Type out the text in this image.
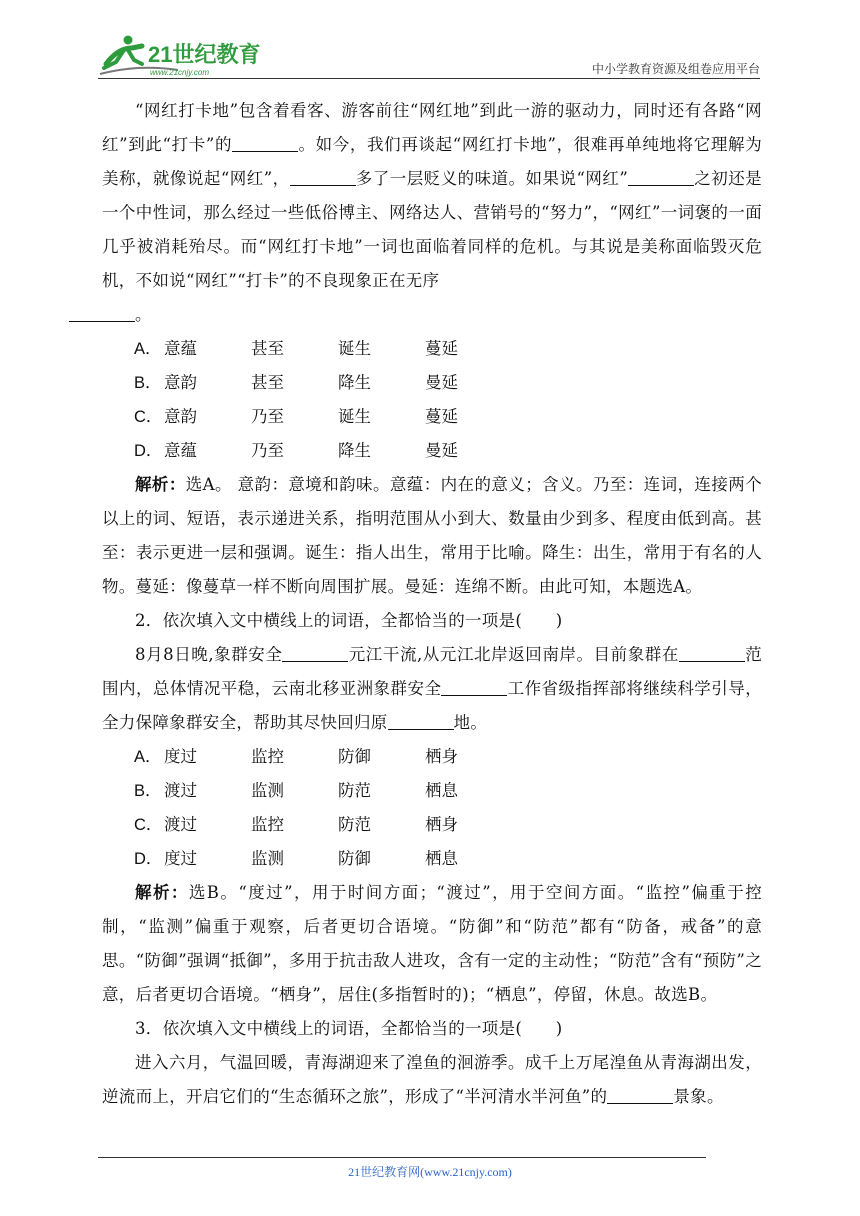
21世纪教育
www.21cnjy.com	中小学教育资源及组卷应用平台

“网红打卡地”包含着看客、游客前往“网红地”到此一游的驱动力，同时还有各路“网红”到此“打卡”的	。如今，我们再谈起“网红打卡地”，很难再单纯地将它理解为美称，就像说起“网红”，	多了一层贬义的味道。如果说“网红”	之初还是一个中性词，那么经过一些低俗博主、网络达人、营销号的“努力”，“网红”一词褒的一面几乎被消耗殆尽。而“网红打卡地”一词也面临着同样的危机。与其说是美称面临毁灭危机，不如说“网红”“打卡”的不良现象正在无序
。

A． 意蕴	甚至	诞生	蔓延
B． 意韵	甚至	降生	曼延
C． 意韵	乃至	诞生	蔓延
D． 意蕴	乃至	降生	曼延

解析：选A。 意韵：意境和韵味。意蕴：内在的意义；含义。乃至：连词，连接两个以上的词、短语，表示递进关系，指明范围从小到大、数量由少到多、程度由低到高。甚至：表示更进一层和强调。诞生：指人出生，常用于比喻。降生：出生，常用于有名的人物。蔓延：像蔓草一样不断向周围扩展。曼延：连绵不断。由此可知，本题选A。

2．依次填入文中横线上的词语，全都恰当的一项是(　　)

8月8日晚,象群安全	元江干流,从元江北岸返回南岸。目前象群在	范围内，总体情况平稳，云南北移亚洲象群安全	工作省级指挥部将继续科学引导，全力保障象群安全，帮助其尽快回归原	地。

A． 度过	监控	防御	栖身
B． 渡过	监测	防范	栖息
C． 渡过	监控	防范	栖身
D． 度过	监测	防御	栖息

解析：选B。“度过”，用于时间方面；“渡过”，用于空间方面。“监控”偏重于控制，“监测”偏重于观察，后者更切合语境。“防御”和“防范”都有“防备，戒备”的意思。“防御”强调“抵御”，多用于抗击敌人进攻，含有一定的主动性；“防范”含有“预防”之意，后者更切合语境。“栖身”，居住(多指暂时的)；“栖息”，停留，休息。故选B。

3．依次填入文中横线上的词语，全都恰当的一项是(　　)

进入六月，气温回暖，青海湖迎来了湟鱼的洄游季。成千上万尾湟鱼从青海湖出发，逆流而上，开启它们的“生态循环之旅”，形成了“半河清水半河鱼”的	景象。

21世纪教育网(www.21cnjy.com)
